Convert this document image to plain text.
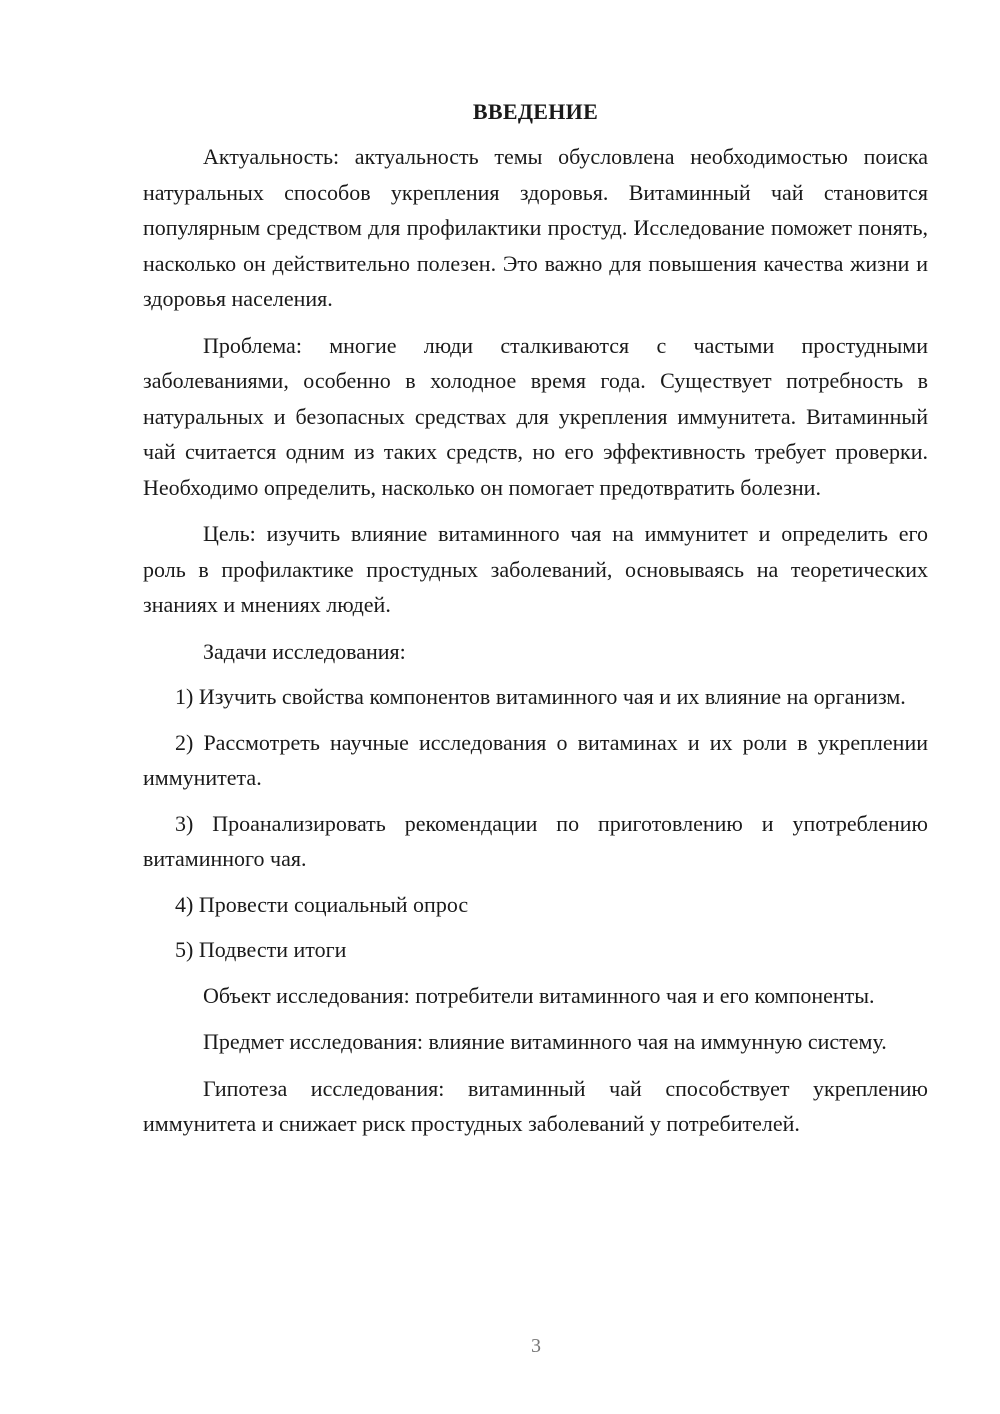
ВВЕДЕНИЕ

Актуальность: актуальность темы обусловлена необходимостью поиска натуральных способов укрепления здоровья. Витаминный чай становится популярным средством для профилактики простуд. Исследование поможет понять, насколько он действительно полезен. Это важно для повышения качества жизни и здоровья населения.

Проблема: многие люди сталкиваются с частыми простудными заболеваниями, особенно в холодное время года. Существует потребность в натуральных и безопасных средствах для укрепления иммунитета. Витаминный чай считается одним из таких средств, но его эффективность требует проверки. Необходимо определить, насколько он помогает предотвратить болезни.

Цель: изучить влияние витаминного чая на иммунитет и определить его роль в профилактике простудных заболеваний, основываясь на теоретических знаниях и мнениях людей.

Задачи исследования:

1) Изучить свойства компонентов витаминного чая и их влияние на организм.

2) Рассмотреть научные исследования о витаминах и их роли в укреплении иммунитета.

3) Проанализировать рекомендации по приготовлению и употреблению витаминного чая.

4) Провести социальный опрос

5) Подвести итоги

Объект исследования: потребители витаминного чая и его компоненты.

Предмет исследования: влияние витаминного чая на иммунную систему.

Гипотеза исследования: витаминный чай способствует укреплению иммунитета и снижает риск простудных заболеваний у потребителей.

3
